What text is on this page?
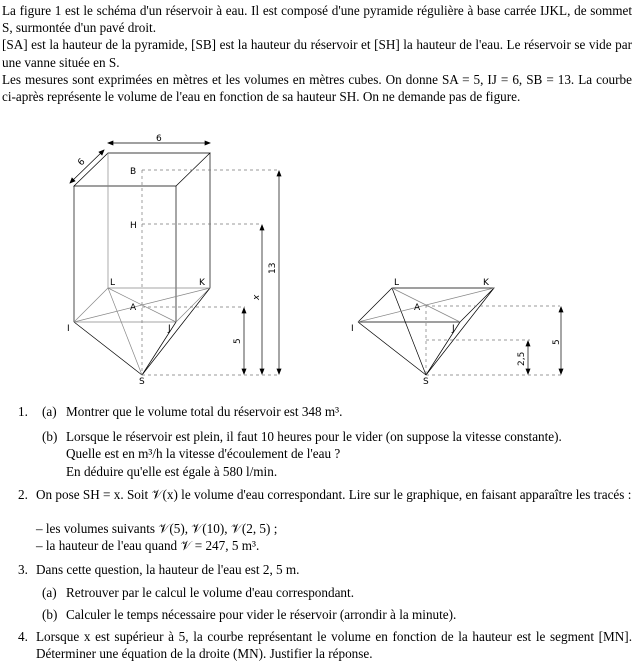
La figure 1 est le schéma d'un réservoir à eau. Il est composé d'une pyramide régulière à base carrée IJKL, de sommet S, surmontée d'un pavé droit.

[SA] est la hauteur de la pyramide, [SB] est la hauteur du réservoir et [SH] la hauteur de l'eau. Le réservoir se vide par une vanne située en S.

Les mesures sont exprimées en mètres et les volumes en mètres cubes. On donne SA = 5, IJ = 6, SB = 13. La courbe ci-après représente le volume de l'eau en fonction de sa hauteur SH. On ne demande pas de figure.

6
6
B
H
L	K
A
I	J
S
5
x
13
L	K
A
I	J
S
2,5
5
1.	(a) Montrer que le volume total du réservoir est 348 m³.
(b) Lorsque le réservoir est plein, il faut 10 heures pour le vider (on suppose la vitesse constante).
Quelle est en m³/h la vitesse d'écoulement de l'eau ?
En déduire qu'elle est égale à 580 l/min.
2. On pose SH = x. Soit 𝒱(x) le volume d'eau correspondant. Lire sur le graphique, en faisant apparaître les tracés :
– les volumes suivants 𝒱(5), 𝒱(10), 𝒱(2, 5) ;
– la hauteur de l'eau quand 𝒱 = 247, 5 m³.
3. Dans cette question, la hauteur de l'eau est 2, 5 m.
(a) Retrouver par le calcul le volume d'eau correspondant.
(b) Calculer le temps nécessaire pour vider le réservoir (arrondir à la minute).
4. Lorsque x est supérieur à 5, la courbe représentant le volume en fonction de la hauteur est le segment [MN]. Déterminer une équation de la droite (MN). Justifier la réponse.
